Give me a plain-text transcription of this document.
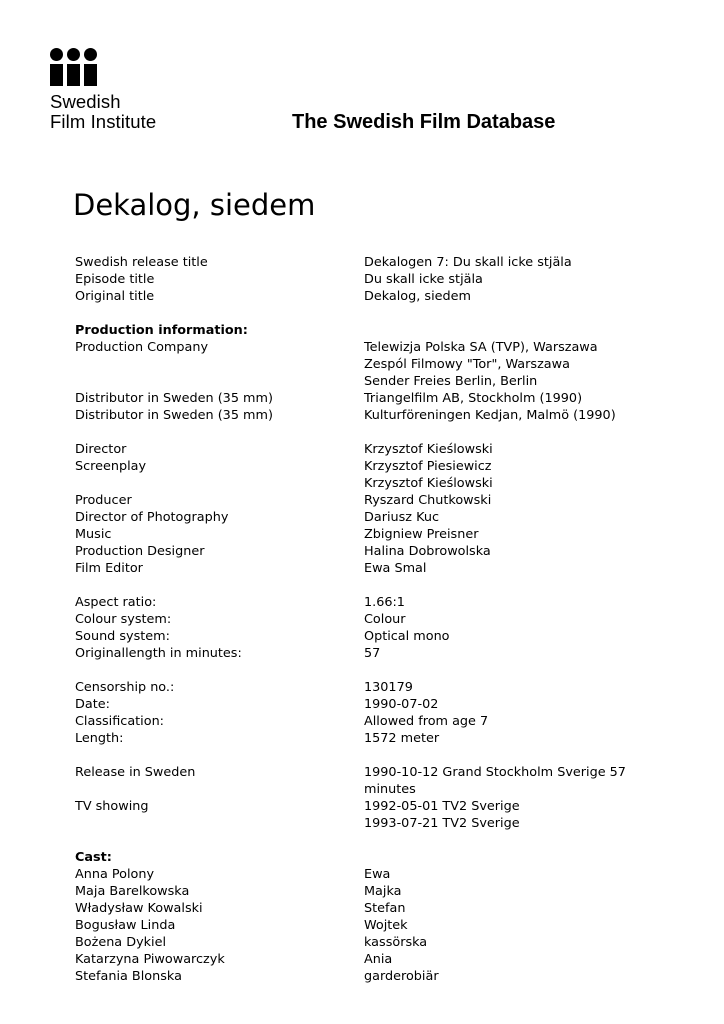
Swedish
Film Institute	The Swedish Film Database
Dekalog, siedem
Swedish release title	Dekalogen 7: Du skall icke stjäla
Episode title	Du skall icke stjäla
Original title	Dekalog, siedem
Production information:
Production Company	Telewizja Polska SA (TVP), Warszawa
Zespól Filmowy "Tor", Warszawa
Sender Freies Berlin, Berlin
Distributor in Sweden (35 mm)	Triangelfilm AB, Stockholm (1990)
Distributor in Sweden (35 mm)	Kulturföreningen Kedjan, Malmö (1990)
Director	Krzysztof Kieślowski
Screenplay	Krzysztof Piesiewicz
Krzysztof Kieślowski
Producer	Ryszard Chutkowski
Director of Photography	Dariusz Kuc
Music	Zbigniew Preisner
Production Designer	Halina Dobrowolska
Film Editor	Ewa Smal
Aspect ratio:	1.66:1
Colour system:	Colour
Sound system:	Optical mono
Originallength in minutes:	57
Censorship no.:	130179
Date:	1990-07-02
Classification:	Allowed from age 7
Length:	1572 meter
Release in Sweden	1990-10-12 Grand Stockholm Sverige 57 minutes
TV showing	1992-05-01 TV2 Sverige
1993-07-21 TV2 Sverige
Cast:
Anna Polony	Ewa
Maja Barelkowska	Majka
Władysław Kowalski	Stefan
Bogusław Linda	Wojtek
Bożena Dykiel	kassörska
Katarzyna Piwowarczyk	Ania
Stefania Blonska	garderobiär
